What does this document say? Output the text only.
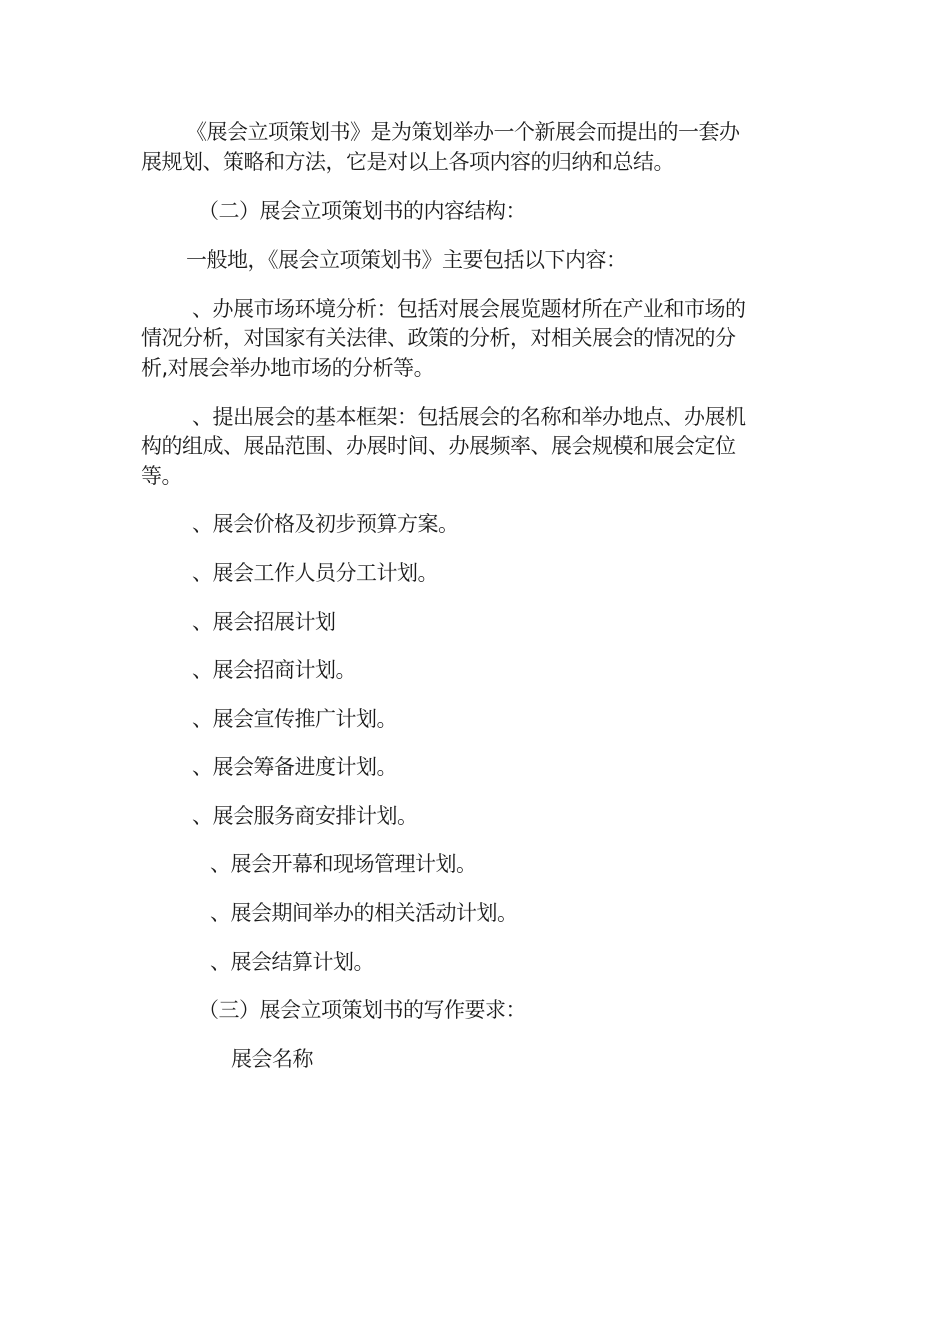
《展会立项策划书》是为策划举办一个新展会而提出的一套办
展规划、策略和方法，它是对以上各项内容的归纳和总结。
（二）展会立项策划书的内容结构：
一般地，《展会立项策划书》主要包括以下内容：
、办展市场环境分析：包括对展会展览题材所在产业和市场的
情况分析，对国家有关法律、政策的分析，对相关展会的情况的分
析,对展会举办地市场的分析等。
、提出展会的基本框架：包括展会的名称和举办地点、办展机
构的组成、展品范围、办展时间、办展频率、展会规模和展会定位
等。
、展会价格及初步预算方案。
、展会工作人员分工计划。
、展会招展计划
、展会招商计划。
、展会宣传推广计划。
、展会筹备进度计划。
、展会服务商安排计划。
、展会开幕和现场管理计划。
、展会期间举办的相关活动计划。
、展会结算计划。
（三）展会立项策划书的写作要求：
展会名称
